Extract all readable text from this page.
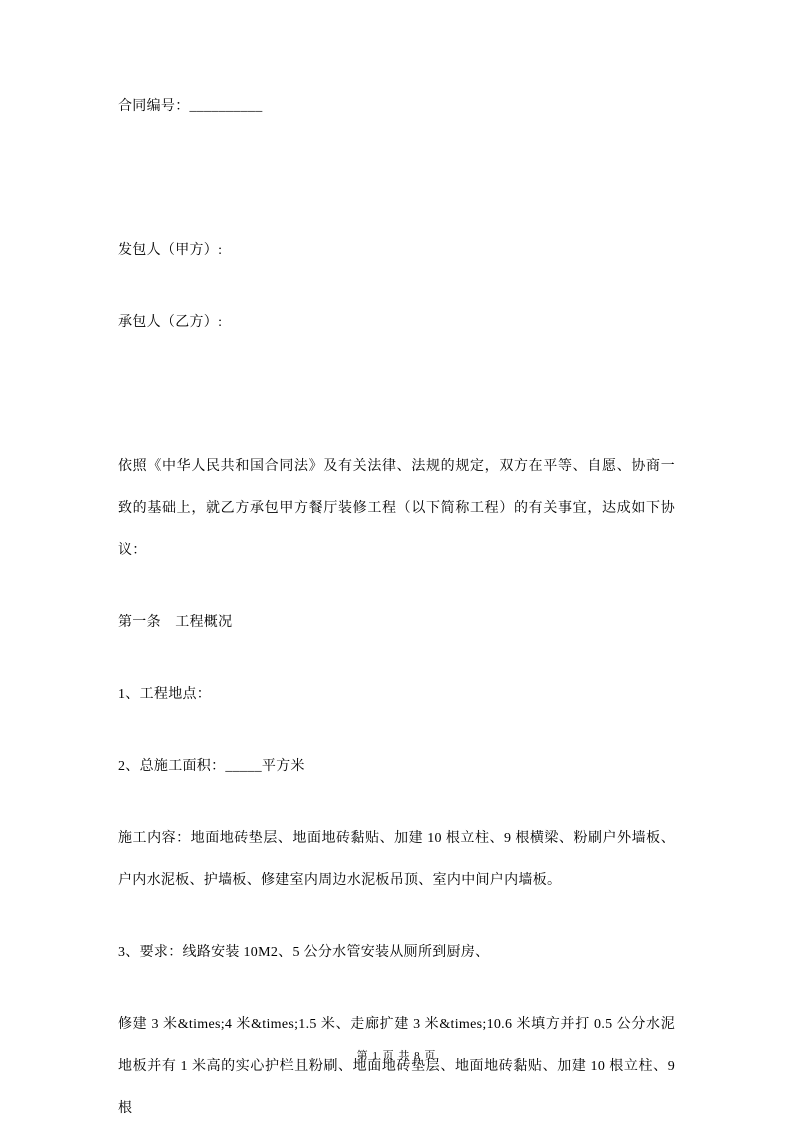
合同编号：__________

发包人（甲方）:

承包人（乙方）:

依照《中华人民共和国合同法》及有关法律、法规的规定，双方在平等、自愿、协商一致的基础上，就乙方承包甲方餐厅装修工程（以下简称工程）的有关事宜，达成如下协议：

第一条　工程概况

1、工程地点：

2、总施工面积：_____平方米

施工内容：地面地砖垫层、地面地砖黏贴、加建 10 根立柱、9 根横梁、粉刷户外墙板、户内水泥板、护墙板、修建室内周边水泥板吊顶、室内中间户内墙板。

3、要求：线路安装 10M2、5 公分水管安装从厕所到厨房、

修建 3 米&times;4 米&times;1.5 米、走廊扩建 3 米&times;10.6 米填方并打 0.5 公分水泥地板并有 1 米高的实心护栏且粉刷、地面地砖垫层、地面地砖黏贴、加建 10 根立柱、9 根

第 1 页 共 8 页
